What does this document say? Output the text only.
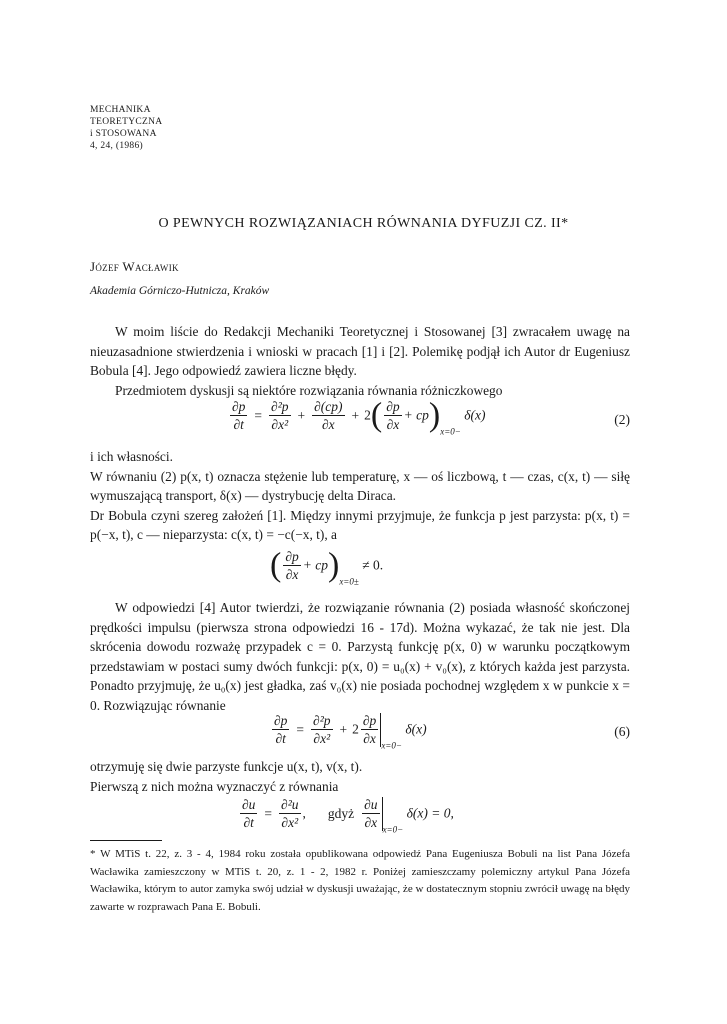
MECHANIKA
TEORETYCZNA
i STOSOWANA
4, 24, (1986)
O PEWNYCH ROZWIĄZANIACH RÓWNANIA DYFUZJI CZ. II*
Józef Wacławik
Akademia Górniczo-Hutnicza, Kraków

W moim liście do Redakcji Mechaniki Teoretycznej i Stosowanej [3] zwracałem uwagę na nieuzasadnione stwierdzenia i wnioski w pracach [1] i [2]. Polemikę podjął ich Autor dr Eugeniusz Bobula [4]. Jego odpowiedź zawiera liczne błędy.

Przedmiotem dyskusji są niektóre rozwiązania równania różniczkowego

$\frac{\partial p}{\partial t} = \frac{\text{∂²p}}{\text{∂x²}} + \frac{\partial(cp)}{\partial x} + 2( \frac{\partial p}{\partial x} + cp)_{x=0-}$ δ(x)	(2)

i ich własności.

W równaniu (2) p(x, t) oznacza stężenie lub temperaturę, x — oś liczbową, t — czas, c(x, t) — siłę wymuszającą transport, δ(x) — dystrybucję delta Diraca.

Dr Bobula czyni szereg założeń [1]. Między innymi przyjmuje, że funkcja p jest parzysta: p(x, t) = p(−x, t), c — nieparzysta: c(x, t) = −c(−x, t), a

( $\frac{\partial p}{\partial x} + cp)_{x=0\pm} \ne 0$.

W odpowiedzi [4] Autor twierdzi, że rozwiązanie równania (2) posiada własność skończonej prędkości impulsu (pierwsza strona odpowiedzi 16 - 17d). Można wykazać, że tak nie jest. Dla skrócenia dowodu rozważę przypadek c = 0. Parzystą funkcję p(x, 0) w warunku początkowym przedstawiam w postaci sumy dwóch funkcji: p(x, 0) = u₀(x) + v₀(x), z których każda jest parzysta. Ponadto przyjmuję, że u₀(x) jest gładka, zaś v₀(x) nie posiada pochodnej względem x w punkcie x = 0. Rozwiązując równanie

$\frac{\partial p}{\partial t} = \frac{\text{∂²p}}{\text{∂x²}} + 2 \frac{\partial p}{\partial x} _{x=0-}$ δ(x)	(6)

otrzymuję się dwie parzyste funkcje u(x, t), v(x, t).

Pierwszą z nich można wyznaczyć z równania

$\frac{\partial u}{\partial t} = \frac{\text{∂²u}}{\text{∂x²}}$ , gdyż $\frac{\partial u}{\partial x} _{x=0-}$ δ(x) = 0,
* W MTiS t. 22, z. 3 - 4, 1984 roku została opublikowana odpowiedź Pana Eugeniusza Bobuli na list Pana Józefa Wacławika zamieszczony w MTiS t. 20, z. 1 - 2, 1982 r. Poniżej zamieszczamy polemiczny artykul Pana Józefa Wacławika, którym to autor zamyka swój udział w dyskusji uważając, że w dostatecznym stopniu zwrócił uwagę na błędy zawarte w rozprawach Pana E. Bobuli.
